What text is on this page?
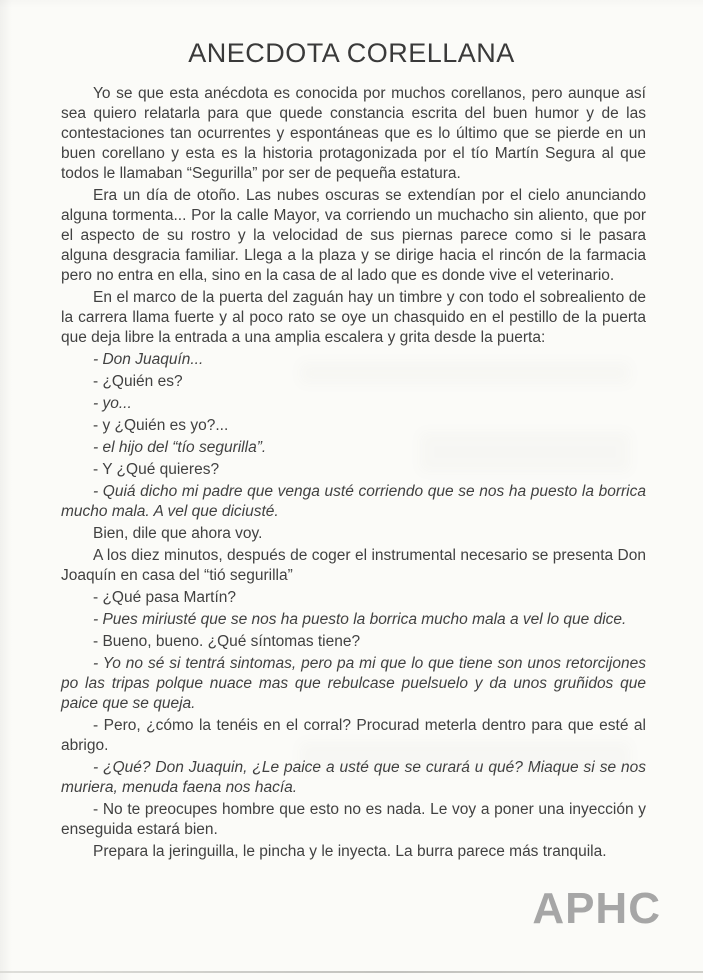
ANECDOTA CORELLANA

Yo se que esta anécdota es conocida por muchos corellanos, pero aunque así sea quiero relatarla para que quede constancia escrita del buen humor y de las contestaciones tan ocurrentes y espontáneas que es lo último que se pierde en un buen corellano y esta es la historia protagonizada por el tío Martín Segura al que todos le llamaban “Segurilla” por ser de pequeña estatura.

Era un día de otoño. Las nubes oscuras se extendían por el cielo anunciando alguna tormenta... Por la calle Mayor, va corriendo un muchacho sin aliento, que por el aspecto de su rostro y la velocidad de sus piernas parece como si le pasara alguna desgracia familiar. Llega a la plaza y se dirige hacia el rincón de la farmacia pero no entra en ella, sino en la casa de al lado que es donde vive el veterinario.

En el marco de la puerta del zaguán hay un timbre y con todo el sobrealiento de la carrera llama fuerte y al poco rato se oye un chasquido en el pestillo de la puerta que deja libre la entrada a una amplia escalera y grita desde la puerta:

- Don Juaquín...

- ¿Quién es?

- yo...

- y ¿Quién es yo?...

- el hijo del “tío segurilla”.

- Y ¿Qué quieres?

- Quiá dicho mi padre que venga usté corriendo que se nos ha puesto la borrica mucho mala. A vel que diciusté.

Bien, dile que ahora voy.

A los diez minutos, después de coger el instrumental necesario se presenta Don Joaquín en casa del “tió segurilla”

- ¿Qué pasa Martín?

- Pues miriusté que se nos ha puesto la borrica mucho mala a vel lo que dice.

- Bueno, bueno. ¿Qué síntomas tiene?

- Yo no sé si tentrá sintomas, pero pa mi que lo que tiene son unos retorcijones po las tripas polque nuace mas que rebulcase puelsuelo y da unos gruñidos que paice que se queja.

- Pero, ¿cómo la tenéis en el corral? Procurad meterla dentro para que esté al abrigo.

- ¿Qué? Don Juaquin, ¿Le paice a usté que se curará u qué? Miaque si se nos muriera, menuda faena nos hacía.

- No te preocupes hombre que esto no es nada. Le voy a poner una inyección y enseguida estará bien.

Prepara la jeringuilla, le pincha y le inyecta. La burra parece más tranquila.

APHC
